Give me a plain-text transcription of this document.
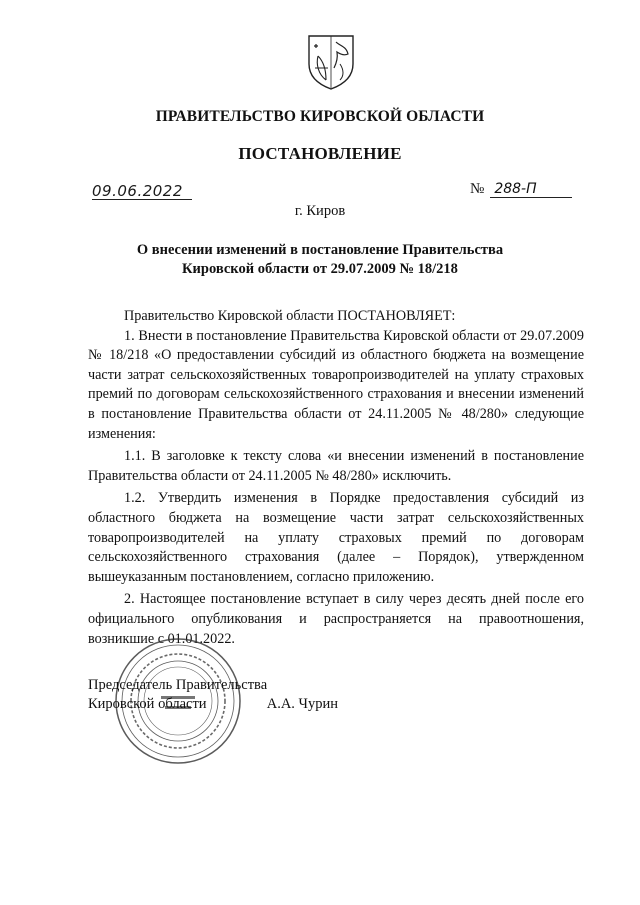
ПРАВИТЕЛЬСТВО КИРОВСКОЙ ОБЛАСТИ
ПОСТАНОВЛЕНИЕ
09.06.2022	№ 288-П
г. Киров
О внесении изменений в постановление Правительства
Кировской области от 29.07.2009 № 18/218

Правительство Кировской области ПОСТАНОВЛЯЕТ:

1. Внести в постановление Правительства Кировской области от 29.07.2009 № 18/218 «О предоставлении субсидий из областного бюджета на возмещение части затрат сельскохозяйственных товаропроизводителей на уплату страховых премий по договорам сельскохозяйственного страхования и внесении изменений в постановление Правительства области от 24.11.2005 № 48/280» следующие изменения:

1.1. В заголовке к тексту слова «и внесении изменений в постановление Правительства области от 24.11.2005 № 48/280» исключить.

1.2. Утвердить изменения в Порядке предоставления субсидий из областного бюджета на возмещение части затрат сельскохозяйственных товаропроизводителей на уплату страховых премий по договорам сельскохозяйственного страхования (далее – Порядок), утвержденном вышеуказанным постановлением, согласно приложению.

2. Настоящее постановление вступает в силу через десять дней после его официального опубликования и распространяется на правоотношения, возникшие с 01.01.2022.

Председатель Правительства
Кировской области	А.А. Чурин
